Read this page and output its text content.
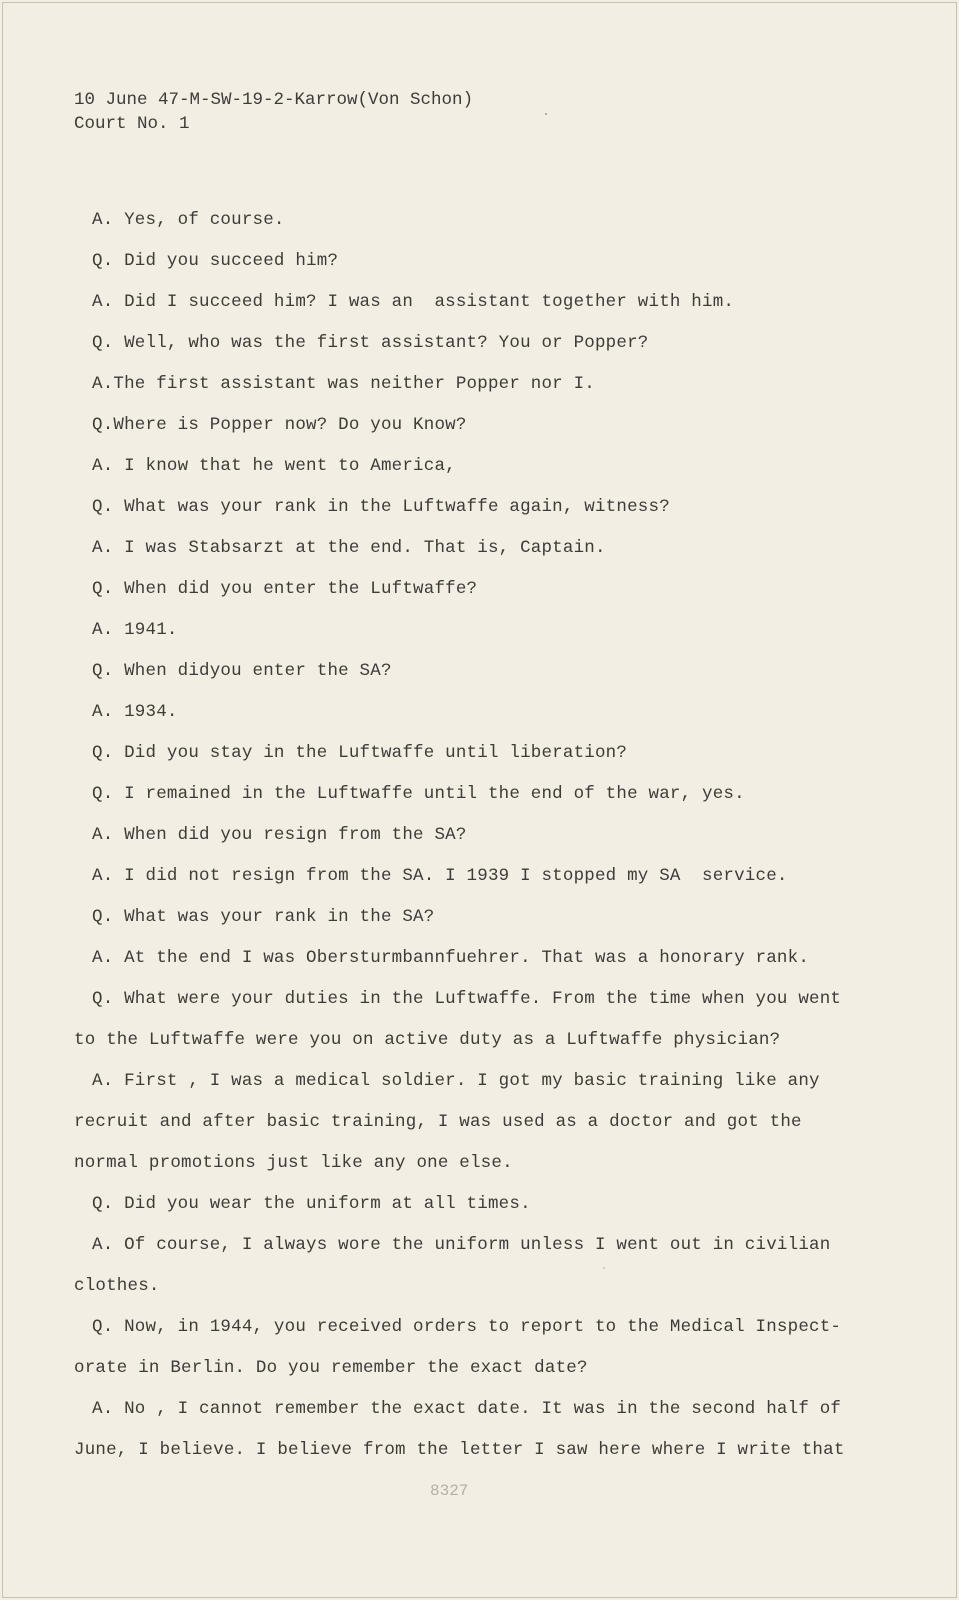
10 June 47-M-SW-19-2-Karrow(Von Schon)
Court No. 1
A. Yes, of course.
Q. Did you succeed him?
A. Did I succeed him? I was an  assistant together with him.
Q. Well, who was the first assistant? You or Popper?
A.The first assistant was neither Popper nor I.
Q.Where is Popper now? Do you Know?
A. I know that he went to America,
Q. What was your rank in the Luftwaffe again, witness?
A. I was Stabsarzt at the end. That is, Captain.
Q. When did you enter the Luftwaffe?
A. 1941.
Q. When didyou enter the SA?
A. 1934.
Q. Did you stay in the Luftwaffe until liberation?
Q. I remained in the Luftwaffe until the end of the war, yes.
A. When did you resign from the SA?
A. I did not resign from the SA. I 1939 I stopped my SA  service.
Q. What was your rank in the SA?
A. At the end I was Obersturmbannfuehrer. That was a honorary rank.
Q. What were your duties in the Luftwaffe. From the time when you went
to the Luftwaffe were you on active duty as a Luftwaffe physician?
A. First , I was a medical soldier. I got my basic training like any
recruit and after basic training, I was used as a doctor and got the
normal promotions just like any one else.
Q. Did you wear the uniform at all times.
A. Of course, I always wore the uniform unless I went out in civilian
clothes.
Q. Now, in 1944, you received orders to report to the Medical Inspect-
orate in Berlin. Do you remember the exact date?
A. No , I cannot remember the exact date. It was in the second half of
June, I believe. I believe from the letter I saw here where I write that
8327
